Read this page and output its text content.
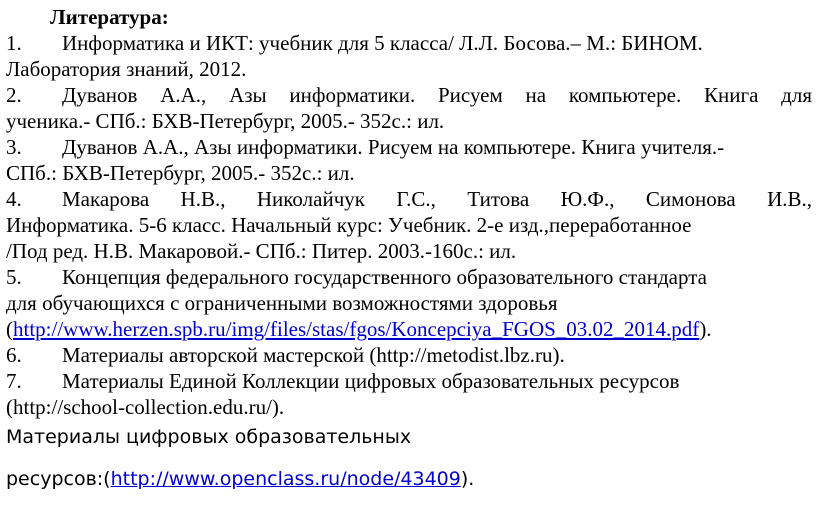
Литература:
1. Информатика и ИКТ: учебник для 5 класса/ Л.Л. Босова.– М.: БИНОМ.
Лаборатория знаний, 2012.
2. Дуванов А.А., Азы информатики. Рисуем на компьютере. Книга для
ученика.- СПб.: БХВ-Петербург, 2005.- 352с.: ил.
3. Дуванов А.А., Азы информатики. Рисуем на компьютере. Книга учителя.-
СПб.: БХВ-Петербург, 2005.- 352с.: ил.
4. Макарова Н.В., Николайчук Г.С., Титова Ю.Ф., Симонова И.В.,
Информатика. 5-6 класс. Начальный курс: Учебник. 2-е изд.,переработанное
/Под ред. Н.В. Макаровой.- СПб.: Питер. 2003.-160с.: ил.
5. Концепция федерального государственного образовательного стандарта
для обучающихся с ограниченными возможностями здоровья
(http://www.herzen.spb.ru/img/files/stas/fgos/Koncepciya_FGOS_03.02_2014.pdf).
6. Материалы авторской мастерской (http://metodist.lbz.ru).
7. Материалы Единой Коллекции цифровых образовательных ресурсов
(http://school-collection.edu.ru/).
Материалы цифровых образовательных
ресурсов:(http://www.openclass.ru/node/43409).
